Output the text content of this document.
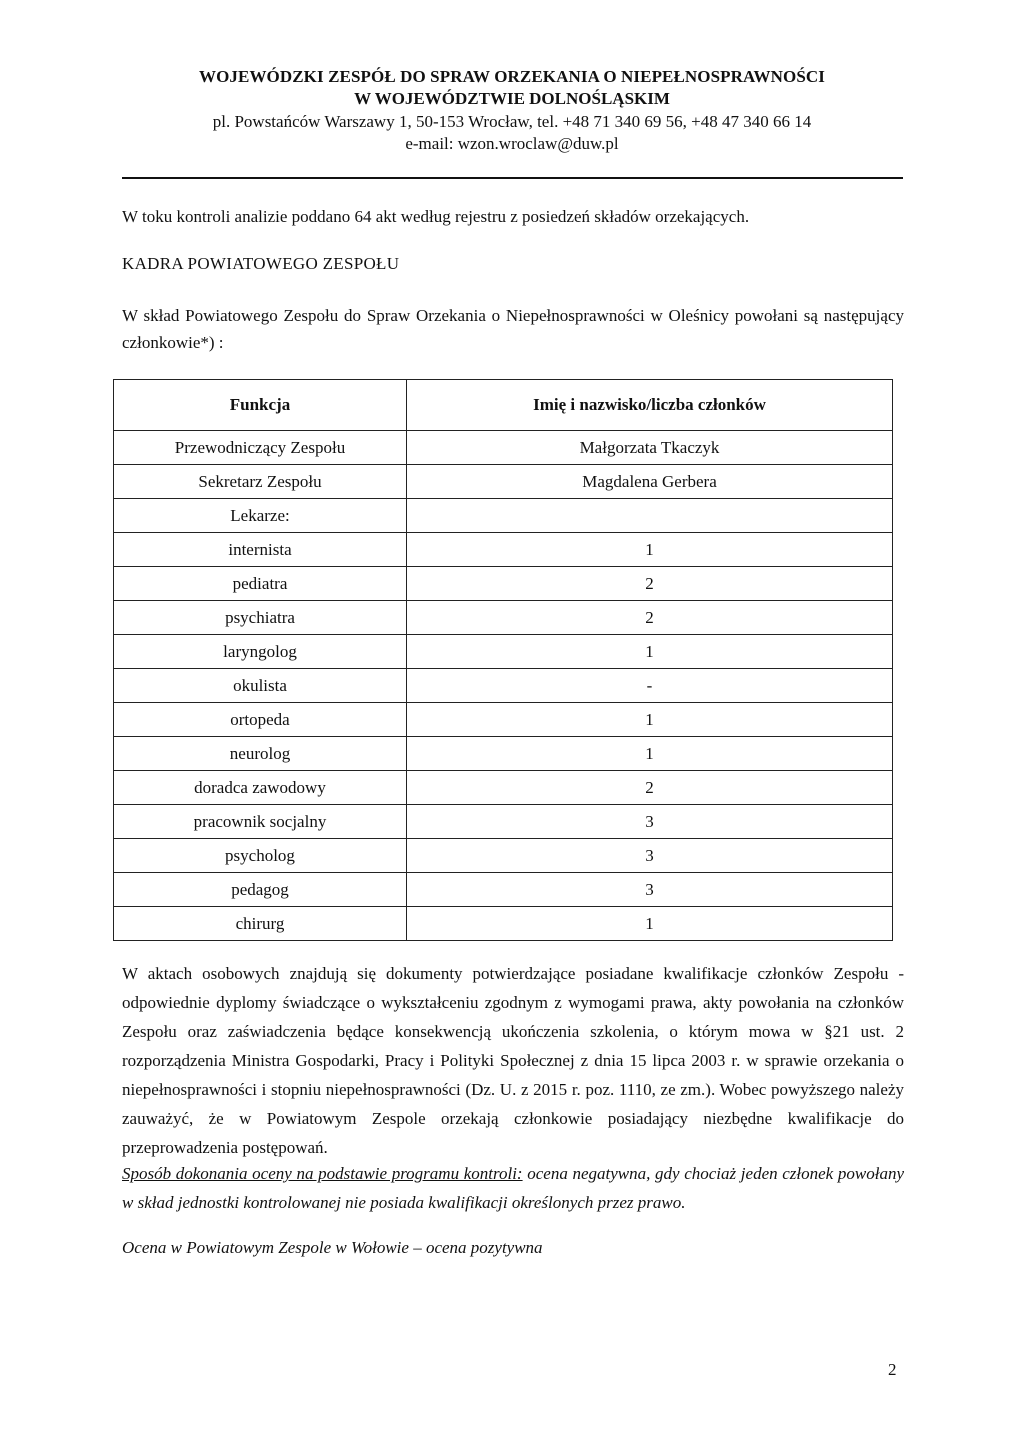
WOJEWÓDZKI ZESPÓŁ DO SPRAW ORZEKANIA O NIEPEŁNOSPRAWNOŚCI
W WOJEWÓDZTWIE DOLNOŚLĄSKIM
pl. Powstańców Warszawy 1, 50-153 Wrocław, tel. +48 71 340 69 56, +48 47 340 66 14
e-mail: wzon.wroclaw@duw.pl
W toku kontroli analizie poddano 64 akt według rejestru z posiedzeń składów orzekających.
KADRA POWIATOWEGO ZESPOŁU
W skład Powiatowego Zespołu do Spraw Orzekania o Niepełnosprawności w Oleśnicy powołani są następujący członkowie*) :
Funkcja	Imię i nazwisko/liczba członków
Przewodniczący Zespołu	Małgorzata Tkaczyk
Sekretarz Zespołu	Magdalena Gerbera
Lekarze:	
internista	1
pediatra	2
psychiatra	2
laryngolog	1
okulista	-
ortopeda	1
neurolog	1
doradca zawodowy	2
pracownik socjalny	3
psycholog	3
pedagog	3
chirurg	1
W aktach osobowych znajdują się dokumenty potwierdzające posiadane kwalifikacje członków Zespołu - odpowiednie dyplomy świadczące o wykształceniu zgodnym z wymogami prawa, akty powołania na członków Zespołu oraz zaświadczenia będące konsekwencją ukończenia szkolenia, o którym mowa w §21 ust. 2 rozporządzenia Ministra Gospodarki, Pracy i Polityki Społecznej z dnia 15 lipca 2003 r. w sprawie orzekania o niepełnosprawności i stopniu niepełnosprawności (Dz. U. z 2015 r. poz. 1110, ze zm.). Wobec powyższego należy zauważyć, że w Powiatowym Zespole orzekają członkowie posiadający niezbędne kwalifikacje do przeprowadzenia postępowań.
Sposób dokonania oceny na podstawie programu kontroli: ocena negatywna, gdy chociaż jeden członek powołany w skład jednostki kontrolowanej nie posiada kwalifikacji określonych przez prawo.
Ocena w Powiatowym Zespole w Wołowie – ocena pozytywna
2
